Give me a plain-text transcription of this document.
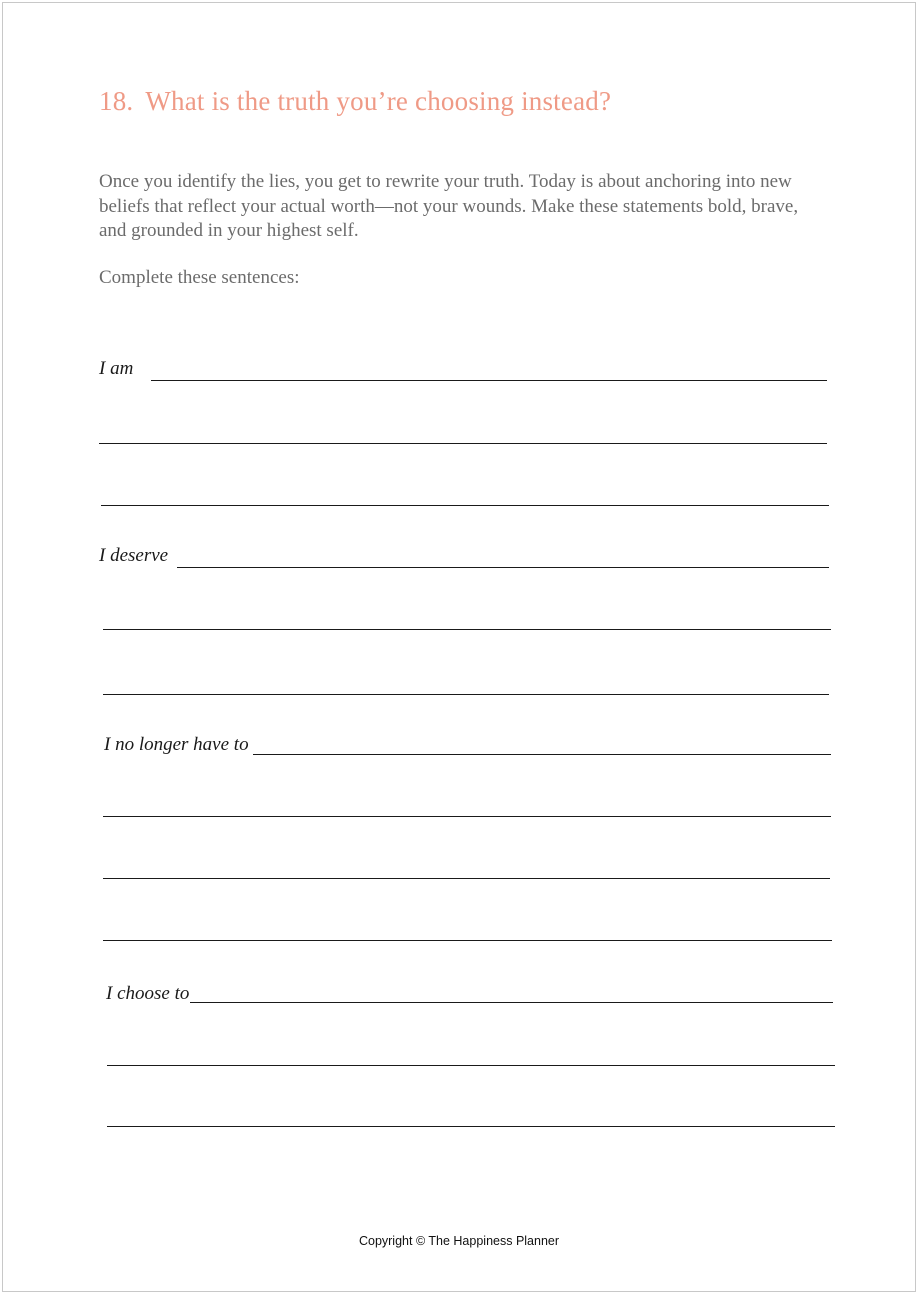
18. What is the truth you’re choosing instead?
Once you identify the lies, you get to rewrite your truth. Today is about anchoring into new beliefs that reflect your actual worth—not your wounds. Make these statements bold, brave, and grounded in your highest self.
Complete these sentences:
I am
I deserve
I no longer have to
I choose to
Copyright © The Happiness Planner
